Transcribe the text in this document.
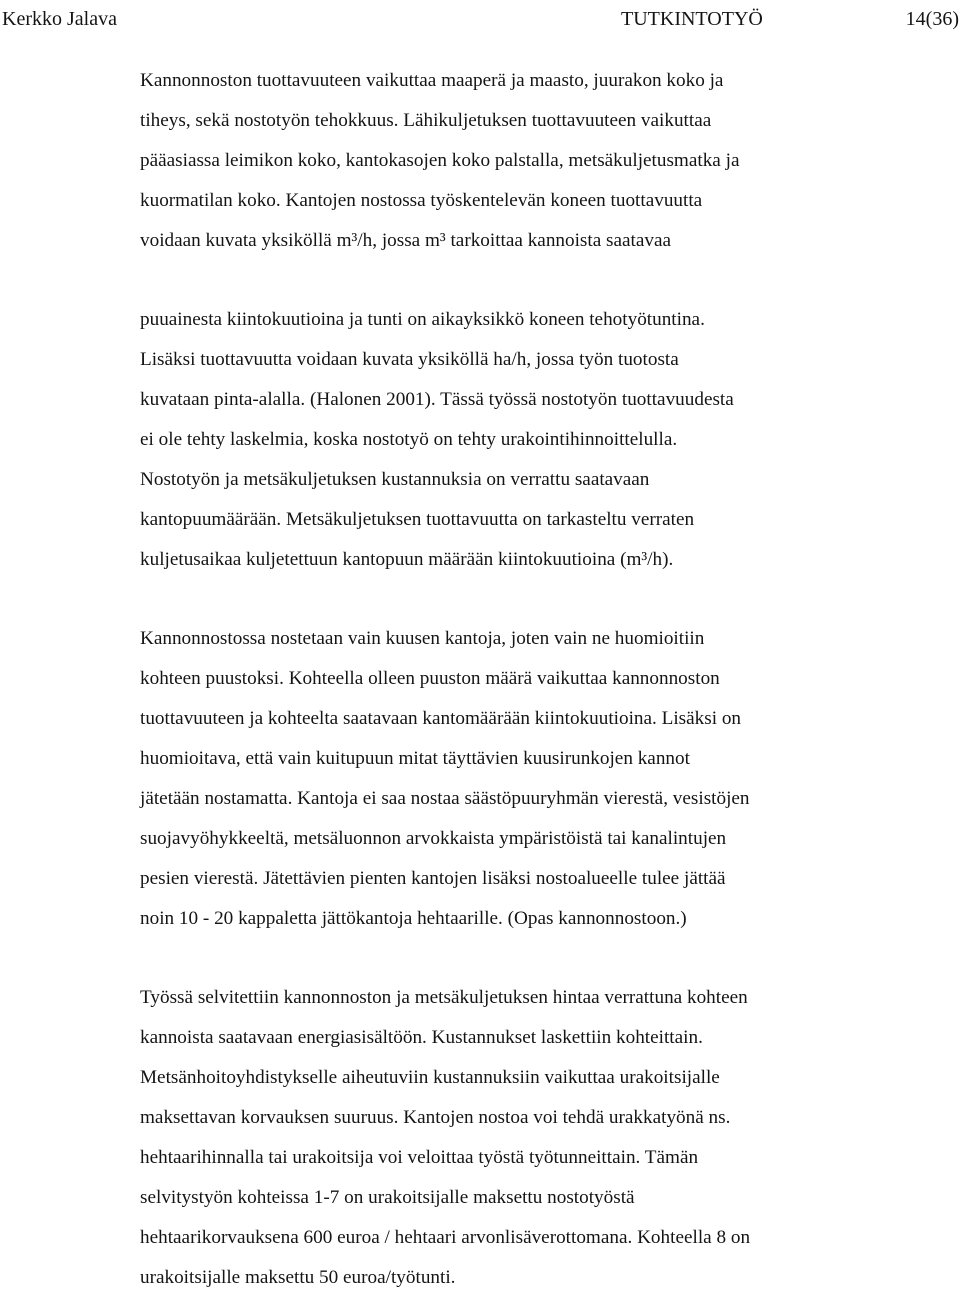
Kerkko Jalava	TUTKINTOTYÖ	14(36)
Kannonnoston tuottavuuteen vaikuttaa maaperä ja maasto, juurakon koko ja
tiheys, sekä nostotyön tehokkuus. Lähikuljetuksen tuottavuuteen vaikuttaa
pääasiassa leimikon koko, kantokasojen koko palstalla, metsäkuljetusmatka ja
kuormatilan koko. Kantojen nostossa työskentelevän koneen tuottavuutta
voidaan kuvata yksiköllä m³/h, jossa m³ tarkoittaa kannoista saatavaa
puuainesta kiintokuutioina ja tunti on aikayksikkö koneen tehotyötuntina.
Lisäksi tuottavuutta voidaan kuvata yksiköllä ha/h, jossa työn tuotosta
kuvataan pinta-alalla. (Halonen 2001). Tässä työssä nostotyön tuottavuudesta
ei ole tehty laskelmia, koska nostotyö on tehty urakointihinnoittelulla.
Nostotyön ja metsäkuljetuksen kustannuksia on verrattu saatavaan
kantopuumäärään. Metsäkuljetuksen tuottavuutta on tarkasteltu verraten
kuljetusaikaa kuljetettuun kantopuun määrään kiintokuutioina (m³/h).
Kannonnostossa nostetaan vain kuusen kantoja, joten vain ne huomioitiin
kohteen puustoksi. Kohteella olleen puuston määrä vaikuttaa kannonnoston
tuottavuuteen ja kohteelta saatavaan kantomäärään kiintokuutioina. Lisäksi on
huomioitava, että vain kuitupuun mitat täyttävien kuusirunkojen kannot
jätetään nostamatta. Kantoja ei saa nostaa säästöpuuryhmän vierestä, vesistöjen
suojavyöhykkeeltä, metsäluonnon arvokkaista ympäristöistä tai kanalintujen
pesien vierestä. Jätettävien pienten kantojen lisäksi nostoalueelle tulee jättää
noin 10 - 20 kappaletta jättökantoja hehtaarille. (Opas kannonnostoon.)
Työssä selvitettiin kannonnoston ja metsäkuljetuksen hintaa verrattuna kohteen
kannoista saatavaan energiasisältöön. Kustannukset laskettiin kohteittain.
Metsänhoitoyhdistykselle aiheutuviin kustannuksiin vaikuttaa urakoitsijalle
maksettavan korvauksen suuruus. Kantojen nostoa voi tehdä urakkatyönä ns.
hehtaarihinnalla tai urakoitsija voi veloittaa työstä työtunneittain. Tämän
selvitystyön kohteissa 1-7 on urakoitsijalle maksettu nostotyöstä
hehtaarikorvauksena 600 euroa / hehtaari arvonlisäverottomana. Kohteella 8 on
urakoitsijalle maksettu 50 euroa/työtunti.
